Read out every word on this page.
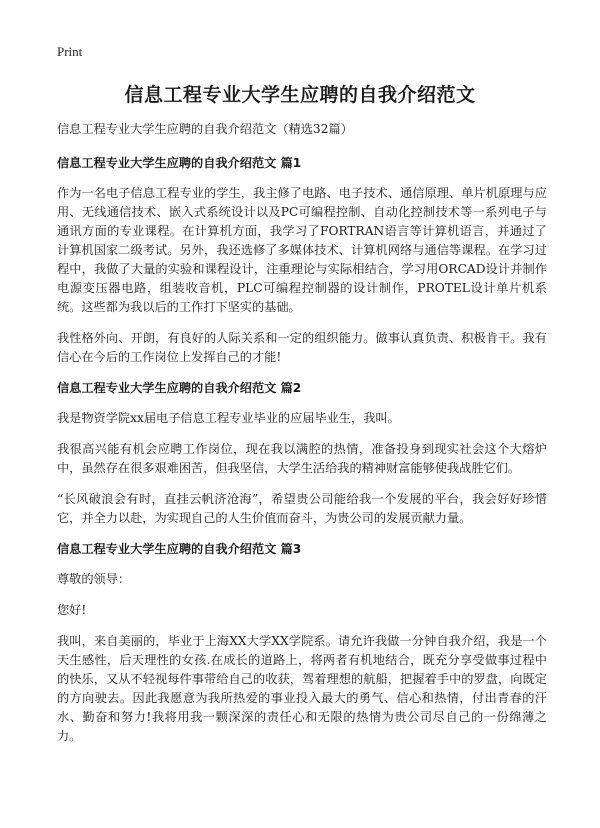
Print
信息工程专业大学生应聘的自我介绍范文

信息工程专业大学生应聘的自我介绍范文（精选32篇）

信息工程专业大学生应聘的自我介绍范文 篇1

作为一名电子信息工程专业的学生，我主修了电路、电子技术、通信原理、单片机原理与应用、无线通信技术、嵌入式系统设计以及PC可编程控制、自动化控制技术等一系列电子与通讯方面的专业课程。在计算机方面，我学习了FORTRAN语言等计算机语言，并通过了计算机国家二级考试。另外，我还选修了多媒体技术、计算机网络与通信等课程。在学习过程中，我做了大量的实验和课程设计，注重理论与实际相结合，学习用ORCAD设计并制作电源变压器电路，组装收音机，PLC可编程控制器的设计制作，PROTEL设计单片机系统。这些都为我以后的工作打下坚实的基础。

我性格外向、开朗，有良好的人际关系和一定的组织能力。做事认真负责、积极肯干。我有信心在今后的工作岗位上发挥自己的才能!

信息工程专业大学生应聘的自我介绍范文 篇2

我是物资学院xx届电子信息工程专业毕业的应届毕业生，我叫。

我很高兴能有机会应聘工作岗位，现在我以满腔的热情，准备投身到现实社会这个大熔炉中，虽然存在很多艰难困苦，但我坚信，大学生活给我的精神财富能够使我战胜它们。

“长风破浪会有时，直挂云帆济沧海”，希望贵公司能给我一个发展的平台，我会好好珍惜它，并全力以赴，为实现自己的人生价值而奋斗，为贵公司的发展贡献力量。

信息工程专业大学生应聘的自我介绍范文 篇3

尊敬的领导：

您好!

我叫，来自美丽的，毕业于上海XX大学XX学院系。请允许我做一分钟自我介绍，我是一个天生感性，后天理性的女孩.在成长的道路上，将两者有机地结合，既充分享受做事过程中的快乐，又从不轻视每件事带给自己的收获，驾着理想的航船，把握着手中的罗盘，向既定的方向驶去。因此我愿意为我所热爱的事业投入最大的勇气、信心和热情，付出青春的汗水、勤奋和努力!我将用我一颗深深的责任心和无限的热情为贵公司尽自己的一份绵薄之力。
